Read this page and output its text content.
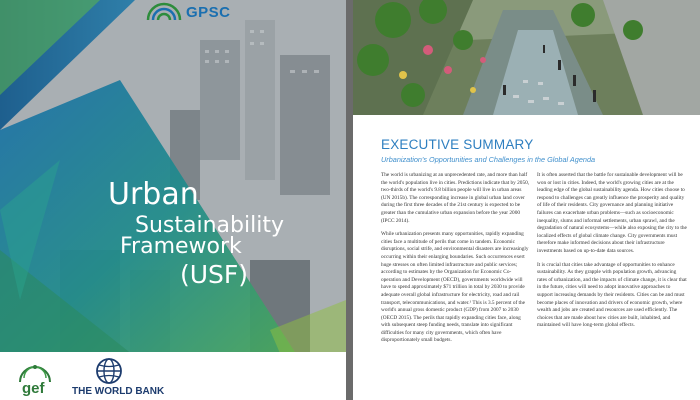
GPSC
Urban
Sustainability
Framework
(USF)
gef	THE WORLD BANK
EXECUTIVE SUMMARY
Urbanization's Opportunities and Challenges in the Global Agenda

The world is urbanizing at an unprecedented rate, and more than half the world's population live in cities. Predictions indicate that by 2050, two-thirds of the world's 9.8 billion people will live in urban areas (UN 2015b). The corresponding increase in global urban land cover during the first three decades of the 21st century is expected to be greater than the cumulative urban expansion before the year 2000 (IPCC 2014).

While urbanization presents many opportunities, rapidly expanding cities face a multitude of perils that come in tandem. Economic disruptions, social strife, and environmental disasters are increasingly occurring within their enlarging boundaries. Such occurrences exert huge stresses on often limited infrastructure and public services; according to estimates by the Organization for Economic Co-operation and Development (OECD), governments worldwide will have to spend approximately $71 trillion in total by 2030 to provide adequate overall global infrastructure for electricity, road and rail transport, telecommunications, and water.¹ This is 3.5 percent of the world's annual gross domestic product (GDP) from 2007 to 2030 (OECD 2015). The perils that rapidly expanding cities face, along with subsequent steep funding needs, translate into significant difficulties for many city governments, which often have disproportionately small budgets.

It is often asserted that the battle for sustainable development will be won or lost in cities. Indeed, the world's growing cities are at the leading edge of the global sustainability agenda. How cities choose to respond to challenges can greatly influence the prosperity and quality of life of their residents. City governance and planning initiative failures can exacerbate urban problems—such as socioeconomic inequality, slums and informal settlements, urban sprawl, and the degradation of natural ecosystems—while also exposing the city to the localized effects of global climate change. City governments must therefore make informed decisions about their infrastructure investments based on up-to-date data sources.

It is crucial that cities take advantage of opportunities to enhance sustainability. As they grapple with population growth, advancing rates of urbanization, and the impacts of climate change, it is clear that in the future, cities will need to adopt innovative approaches to support increasing demands by their residents. Cities can be and must become places of innovation and drivers of economic growth, where wealth and jobs are created and resources are used efficiently. The choices that are made about how cities are built, inhabited, and maintained will have long-term global effects.
